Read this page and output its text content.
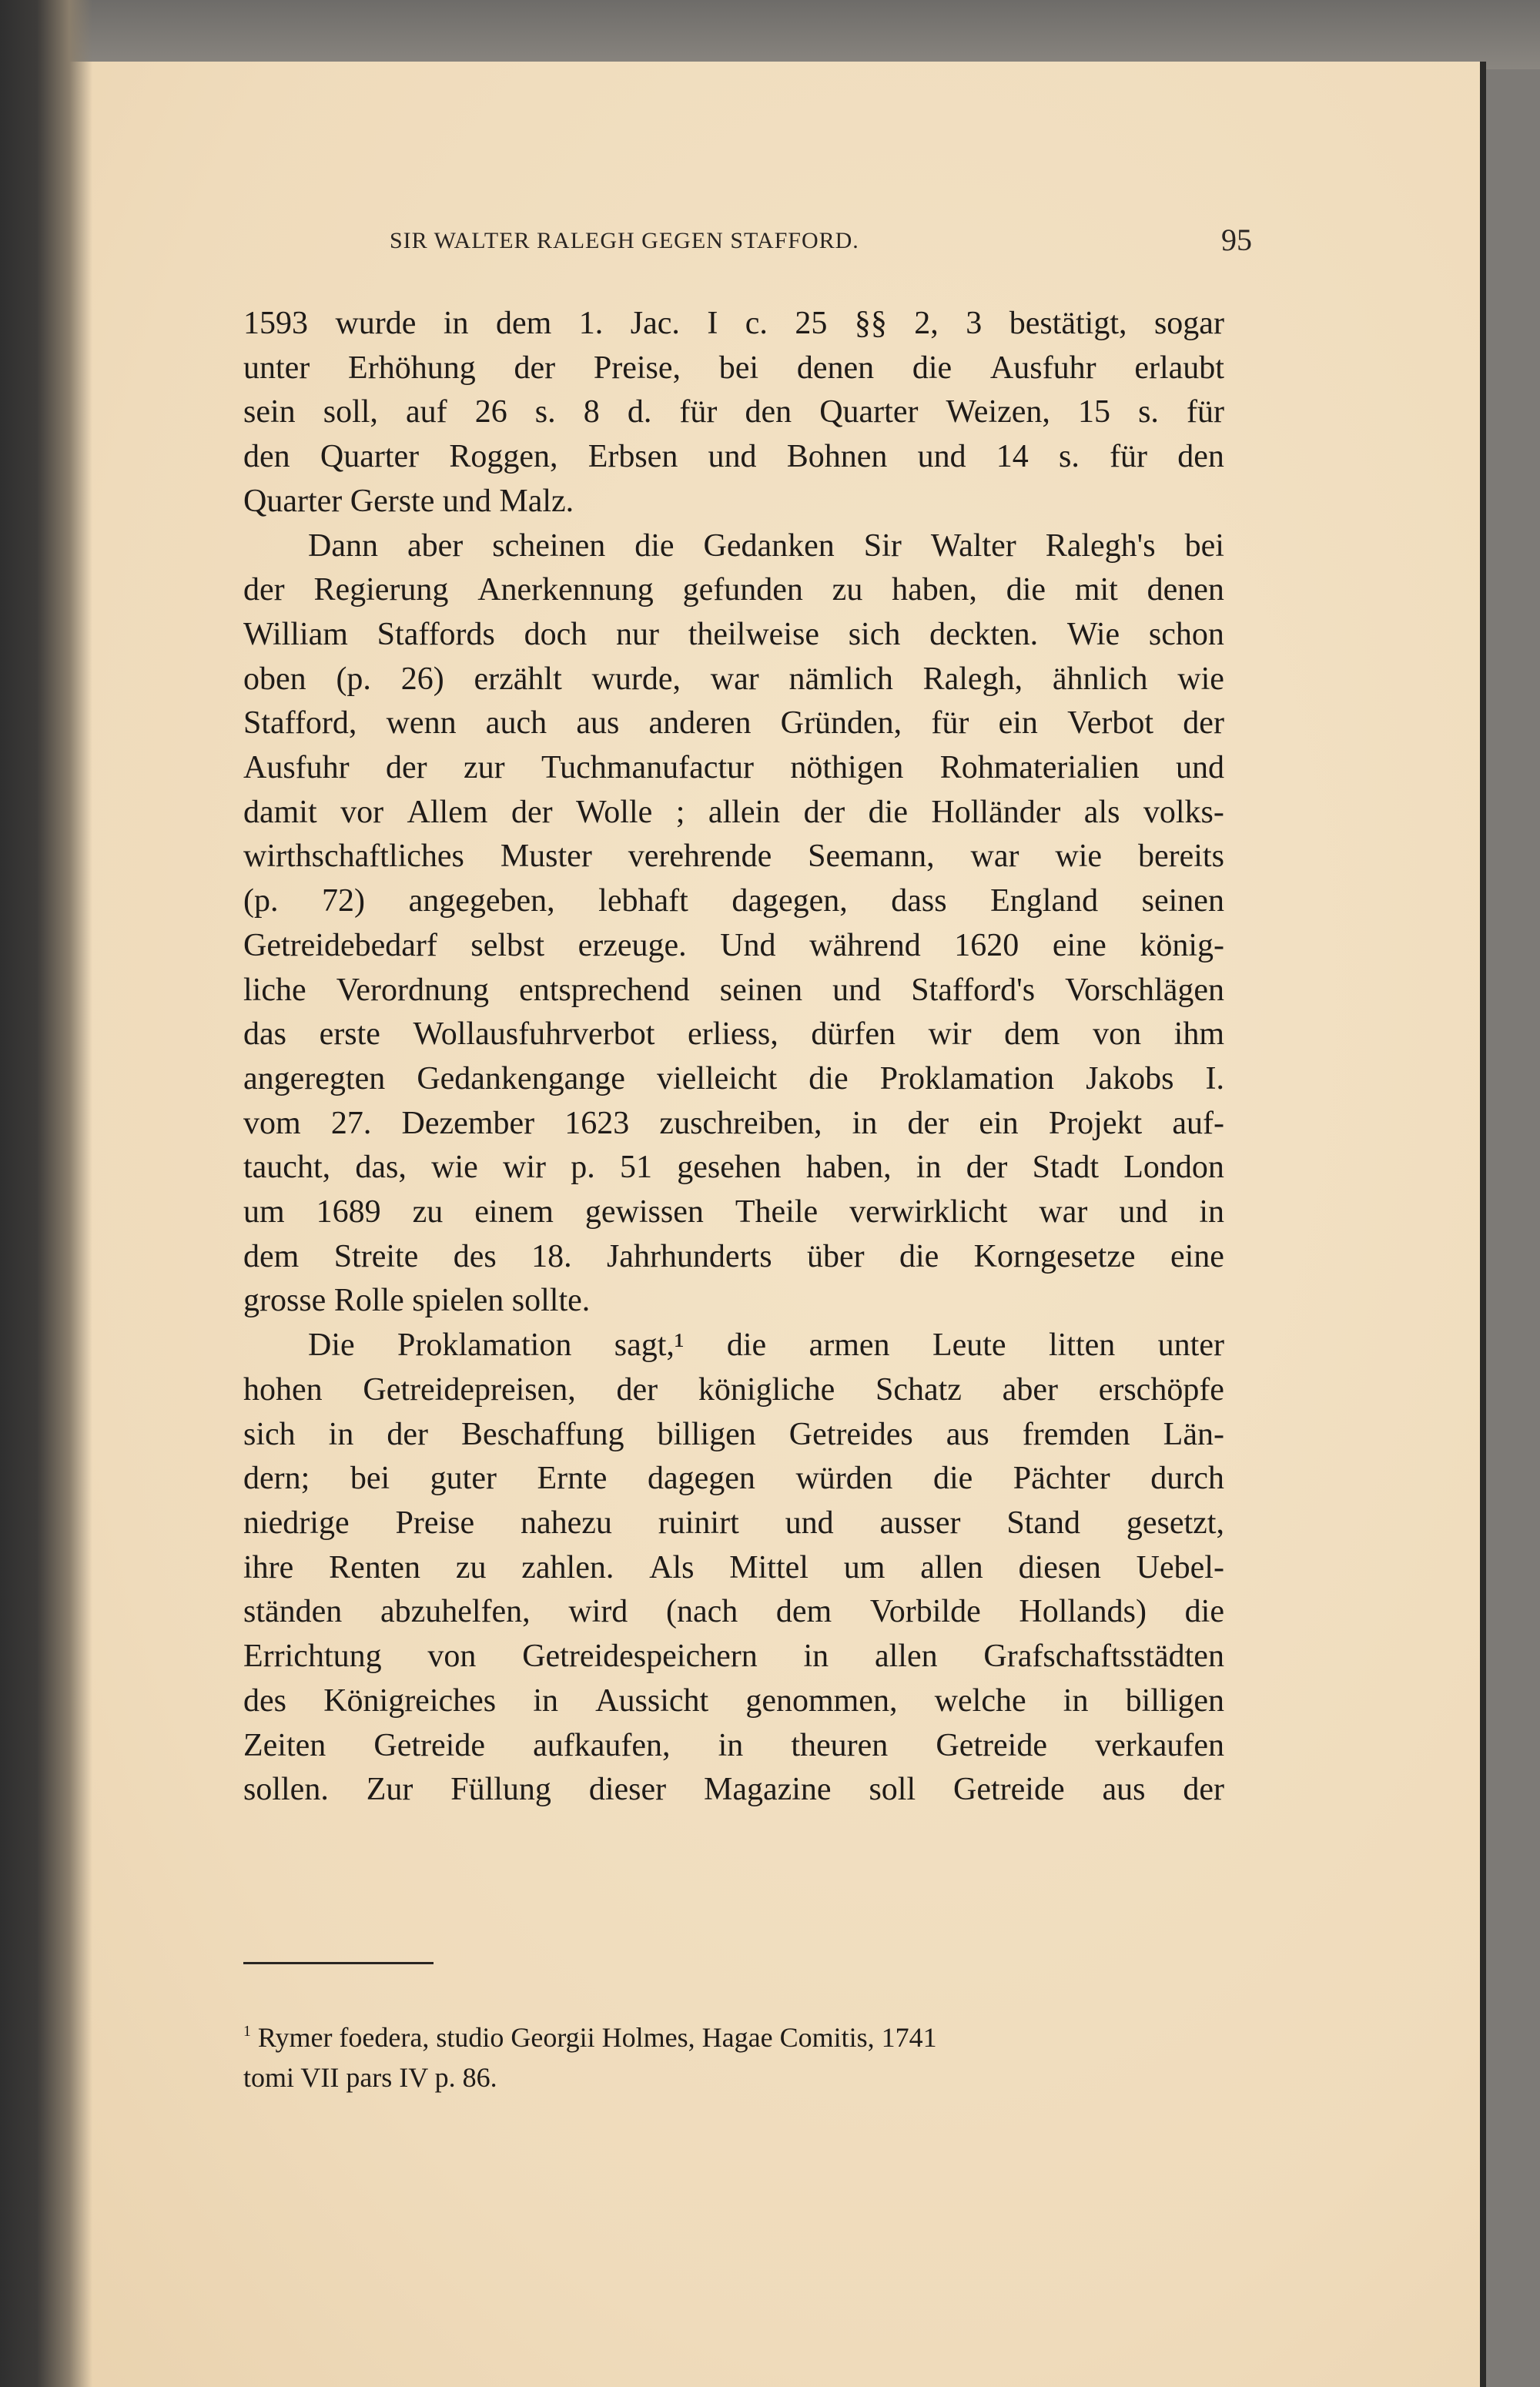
SIR WALTER RALEGH GEGEN STAFFORD.	95
1593 wurde in dem 1. Jac. I c. 25 §§ 2, 3 bestätigt, sogar
unter Erhöhung der Preise, bei denen die Ausfuhr erlaubt
sein soll, auf 26 s. 8 d. für den Quarter Weizen, 15 s. für
den Quarter Roggen, Erbsen und Bohnen und 14 s. für den
Quarter Gerste und Malz.
Dann aber scheinen die Gedanken Sir Walter Ralegh's bei
der Regierung Anerkennung gefunden zu haben, die mit denen
William Staffords doch nur theilweise sich deckten. Wie schon
oben (p. 26) erzählt wurde, war nämlich Ralegh, ähnlich wie
Stafford, wenn auch aus anderen Gründen, für ein Verbot der
Ausfuhr der zur Tuchmanufactur nöthigen Rohmaterialien und
damit vor Allem der Wolle ; allein der die Holländer als volks-
wirthschaftliches Muster verehrende Seemann, war wie bereits
(p. 72) angegeben, lebhaft dagegen, dass England seinen
Getreidebedarf selbst erzeuge. Und während 1620 eine könig-
liche Verordnung entsprechend seinen und Stafford's Vorschlägen
das erste Wollausfuhrverbot erliess, dürfen wir dem von ihm
angeregten Gedankengange vielleicht die Proklamation Jakobs I.
vom 27. Dezember 1623 zuschreiben, in der ein Projekt auf-
taucht, das, wie wir p. 51 gesehen haben, in der Stadt London
um 1689 zu einem gewissen Theile verwirklicht war und in
dem Streite des 18. Jahrhunderts über die Korngesetze eine
grosse Rolle spielen sollte.
Die Proklamation sagt,¹ die armen Leute litten unter
hohen Getreidepreisen, der königliche Schatz aber erschöpfe
sich in der Beschaffung billigen Getreides aus fremden Län-
dern; bei guter Ernte dagegen würden die Pächter durch
niedrige Preise nahezu ruinirt und ausser Stand gesetzt,
ihre Renten zu zahlen. Als Mittel um allen diesen Uebel-
ständen abzuhelfen, wird (nach dem Vorbilde Hollands) die
Errichtung von Getreidespeichern in allen Grafschaftsstädten
des Königreiches in Aussicht genommen, welche in billigen
Zeiten Getreide aufkaufen, in theuren Getreide verkaufen
sollen. Zur Füllung dieser Magazine soll Getreide aus der
$^1$ Rymer foedera, studio Georgii Holmes, Hagae Comitis, 1741
tomi VII pars IV p. 86.
